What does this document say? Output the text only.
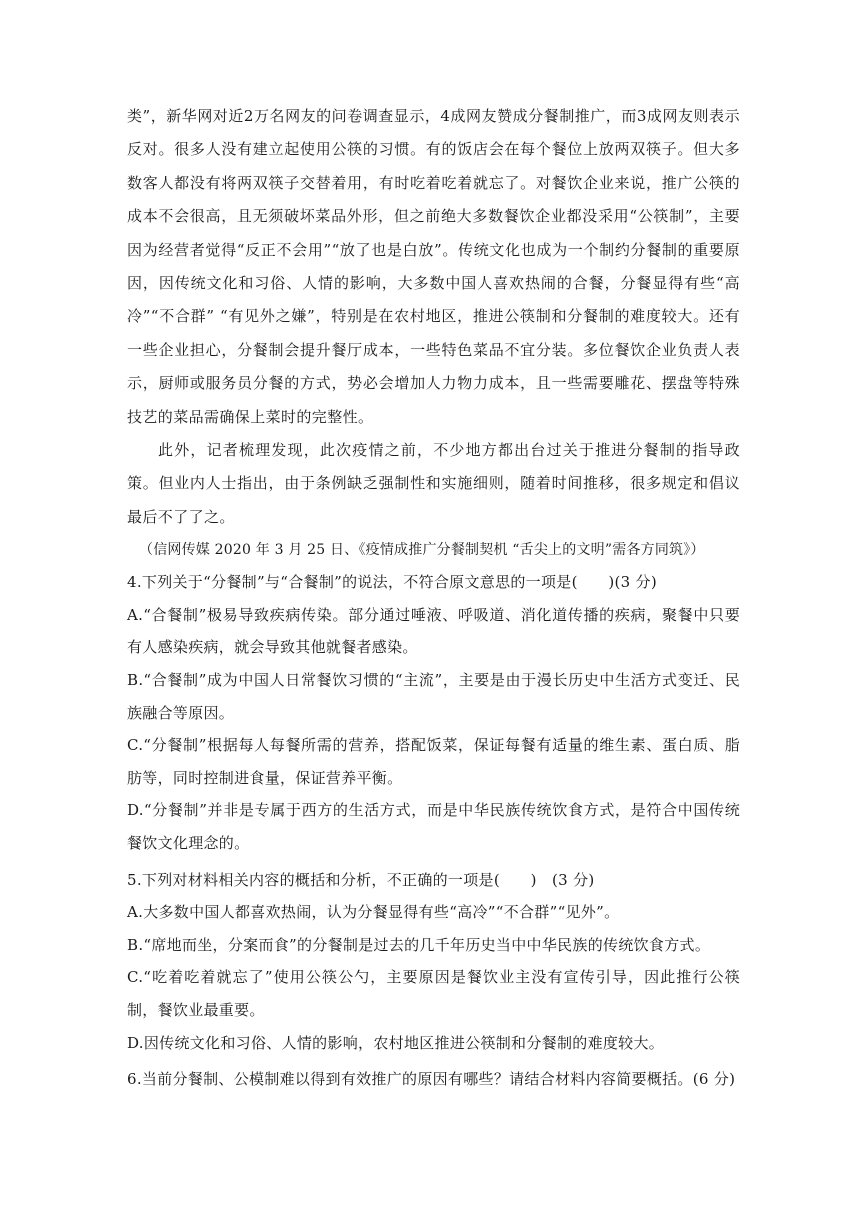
类”，新华网对近2万名网友的问卷调查显示，4成网友赞成分餐制推广，而3成网友则表示反对。很多人没有建立起使用公筷的习惯。有的饭店会在每个餐位上放两双筷子。但大多数客人都没有将两双筷子交替着用，有时吃着吃着就忘了。对餐饮企业来说，推广公筷的成本不会很高，且无须破坏菜品外形，但之前绝大多数餐饮企业都没采用“公筷制”，主要因为经营者觉得“反正不会用”“放了也是白放”。传统文化也成为一个制约分餐制的重要原因，因传统文化和习俗、人情的影响，大多数中国人喜欢热闹的合餐，分餐显得有些“高冷”“不合群” “有见外之嫌”，特别是在农村地区，推进公筷制和分餐制的难度较大。还有一些企业担心，分餐制会提升餐厅成本，一些特色菜品不宜分装。多位餐饮企业负责人表示，厨师或服务员分餐的方式，势必会增加人力物力成本，且一些需要雕花、摆盘等特殊技艺的菜品需确保上菜时的完整性。

此外，记者梳理发现，此次疫情之前，不少地方都出台过关于推进分餐制的指导政策。但业内人士指出，由于条例缺乏强制性和实施细则，随着时间推移，很多规定和倡议最后不了了之。

（信网传媒 2020 年 3 月 25 日、《疫情成推广分餐制契机 “舌尖上的文明”需各方同筑》）

4.下列关于“分餐制”与“合餐制”的说法，不符合原文意思的一项是(　　)(3 分)

A.“合餐制”极易导致疾病传染。部分通过唾液、呼吸道、消化道传播的疾病，聚餐中只要有人感染疾病，就会导致其他就餐者感染。

B.“合餐制”成为中国人日常餐饮习惯的“主流”，主要是由于漫长历史中生活方式变迁、民族融合等原因。

C.“分餐制”根据每人每餐所需的营养，搭配饭菜，保证每餐有适量的维生素、蛋白质、脂肪等，同时控制进食量，保证营养平衡。

D.“分餐制”并非是专属于西方的生活方式，而是中华民族传统饮食方式，是符合中国传统餐饮文化理念的。

5.下列对材料相关内容的概括和分析，不正确的一项是(　　)　(3 分)

A.大多数中国人都喜欢热闹，认为分餐显得有些“高冷”“不合群”“见外”。

B.“席地而坐，分案而食”的分餐制是过去的几千年历史当中中华民族的传统饮食方式。

C.“吃着吃着就忘了”使用公筷公勺，主要原因是餐饮业主没有宣传引导，因此推行公筷制，餐饮业最重要。

D.因传统文化和习俗、人情的影响，农村地区推进公筷制和分餐制的难度较大。

6.当前分餐制、公模制难以得到有效推广的原因有哪些？请结合材料内容简要概括。(6 分)
